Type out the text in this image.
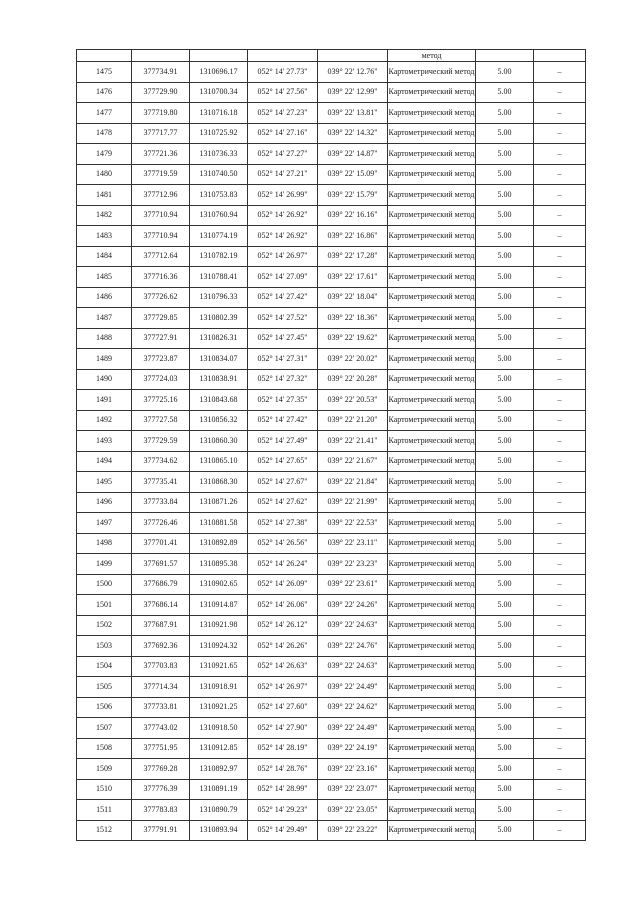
					метод		
1475	377734.91	1310696.17	052° 14' 27.73"	039° 22' 12.76"	Картометрический метод	5.00	–
1476	377729.90	1310700.34	052° 14' 27.56"	039° 22' 12.99"	Картометрический метод	5.00	–
1477	377719.80	1310716.18	052° 14' 27.23"	039° 22' 13.81"	Картометрический метод	5.00	–
1478	377717.77	1310725.92	052° 14' 27.16"	039° 22' 14.32"	Картометрический метод	5.00	–
1479	377721.36	1310736.33	052° 14' 27.27"	039° 22' 14.87"	Картометрический метод	5.00	–
1480	377719.59	1310740.50	052° 14' 27.21"	039° 22' 15.09"	Картометрический метод	5.00	–
1481	377712.96	1310753.83	052° 14' 26.99"	039° 22' 15.79"	Картометрический метод	5.00	–
1482	377710.94	1310760.94	052° 14' 26.92"	039° 22' 16.16"	Картометрический метод	5.00	–
1483	377710.94	1310774.19	052° 14' 26.92"	039° 22' 16.86"	Картометрический метод	5.00	–
1484	377712.64	1310782.19	052° 14' 26.97"	039° 22' 17.28"	Картометрический метод	5.00	–
1485	377716.36	1310788.41	052° 14' 27.09"	039° 22' 17.61"	Картометрический метод	5.00	–
1486	377726.62	1310796.33	052° 14' 27.42"	039° 22' 18.04"	Картометрический метод	5.00	–
1487	377729.85	1310802.39	052° 14' 27.52"	039° 22' 18.36"	Картометрический метод	5.00	–
1488	377727.91	1310826.31	052° 14' 27.45"	039° 22' 19.62"	Картометрический метод	5.00	–
1489	377723.87	1310834.07	052° 14' 27.31"	039° 22' 20.02"	Картометрический метод	5.00	–
1490	377724.03	1310838.91	052° 14' 27.32"	039° 22' 20.28"	Картометрический метод	5.00	–
1491	377725.16	1310843.68	052° 14' 27.35"	039° 22' 20.53"	Картометрический метод	5.00	–
1492	377727.58	1310856.32	052° 14' 27.42"	039° 22' 21.20"	Картометрический метод	5.00	–
1493	377729.59	1310860.30	052° 14' 27.49"	039° 22' 21.41"	Картометрический метод	5.00	–
1494	377734.62	1310865.10	052° 14' 27.65"	039° 22' 21.67"	Картометрический метод	5.00	–
1495	377735.41	1310868.30	052° 14' 27.67"	039° 22' 21.84"	Картометрический метод	5.00	–
1496	377733.84	1310871.26	052° 14' 27.62"	039° 22' 21.99"	Картометрический метод	5.00	–
1497	377726.46	1310881.58	052° 14' 27.38"	039° 22' 22.53"	Картометрический метод	5.00	–
1498	377701.41	1310892.89	052° 14' 26.56"	039° 22' 23.11"	Картометрический метод	5.00	–
1499	377691.57	1310895.38	052° 14' 26.24"	039° 22' 23.23"	Картометрический метод	5.00	–
1500	377686.79	1310902.65	052° 14' 26.09"	039° 22' 23.61"	Картометрический метод	5.00	–
1501	377686.14	1310914.87	052° 14' 26.06"	039° 22' 24.26"	Картометрический метод	5.00	–
1502	377687.91	1310921.98	052° 14' 26.12"	039° 22' 24.63"	Картометрический метод	5.00	–
1503	377692.36	1310924.32	052° 14' 26.26"	039° 22' 24.76"	Картометрический метод	5.00	–
1504	377703.83	1310921.65	052° 14' 26.63"	039° 22' 24.63"	Картометрический метод	5.00	–
1505	377714.34	1310918.91	052° 14' 26.97"	039° 22' 24.49"	Картометрический метод	5.00	–
1506	377733.81	1310921.25	052° 14' 27.60"	039° 22' 24.62"	Картометрический метод	5.00	–
1507	377743.02	1310918.50	052° 14' 27.90"	039° 22' 24.49"	Картометрический метод	5.00	–
1508	377751.95	1310912.85	052° 14' 28.19"	039° 22' 24.19"	Картометрический метод	5.00	–
1509	377769.28	1310892.97	052° 14' 28.76"	039° 22' 23.16"	Картометрический метод	5.00	–
1510	377776.39	1310891.19	052° 14' 28.99"	039° 22' 23.07"	Картометрический метод	5.00	–
1511	377783.83	1310890.79	052° 14' 29.23"	039° 22' 23.05"	Картометрический метод	5.00	–
1512	377791.91	1310893.94	052° 14' 29.49"	039° 22' 23.22"	Картометрический метод	5.00	–
